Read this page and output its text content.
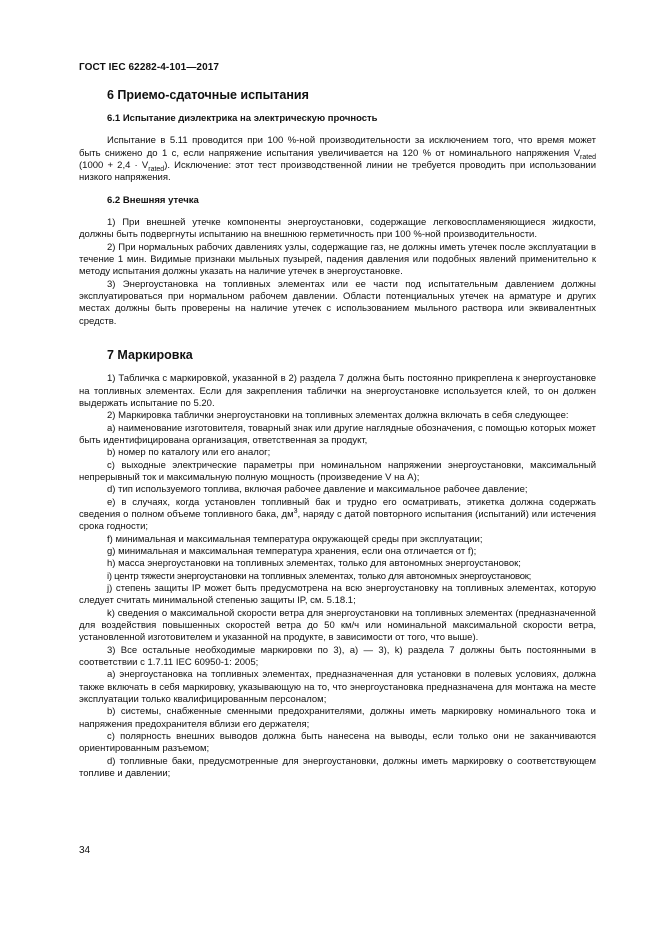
ГОСТ IEC 62282-4-101—2017
6 Приемо-сдаточные испытания
6.1 Испытание диэлектрика на электрическую прочность

Испытание в 5.11 проводится при 100 %-ной производительности за исключением того, что время может быть снижено до 1 с, если напряжение испытания увеличивается на 120 % от номинального напряжения $V_{rated}$ $(1000 + 2,4 \cdot V_{rated})$. Исключение: этот тест производственной линии не требуется проводить при использовании низкого напряжения.

6.2 Внешняя утечка

1) При внешней утечке компоненты энергоустановки, содержащие легковоспламеняющиеся жидкости, должны быть подвергнуты испытанию на внешнюю герметичность при 100 %-ной производительности.

2) При нормальных рабочих давлениях узлы, содержащие газ, не должны иметь утечек после эксплуатации в течение 1 мин. Видимые признаки мыльных пузырей, падения давления или подобных явлений применительно к методу испытания должны указать на наличие утечек в энергоустановке.

3) Энергоустановка на топливных элементах или ее части под испытательным давлением должны эксплуатироваться при нормальном рабочем давлении. Области потенциальных утечек на арматуре и других местах должны быть проверены на наличие утечек с использованием мыльного раствора или эквивалентных средств.

7 Маркировка

1) Табличка с маркировкой, указанной в 2) раздела 7 должна быть постоянно прикреплена к энергоустановке на топливных элементах. Если для закрепления таблички на энергоустановке используется клей, то он должен выдержать испытание по 5.20.

2) Маркировка таблички энергоустановки на топливных элементах должна включать в себя следующее:

a) наименование изготовителя, товарный знак или другие наглядные обозначения, с помощью которых может быть идентифицирована организация, ответственная за продукт,

b) номер по каталогу или его аналог;

c) выходные электрические параметры при номинальном напряжении энергоустановки, максимальный непрерывный ток и максимальную полную мощность (произведение V на A);

d) тип используемого топлива, включая рабочее давление и максимальное рабочее давление;

e) в случаях, когда установлен топливный бак и трудно его осматривать, этикетка должна содержать сведения о полном объеме топливного бака, $дм^3$, наряду с датой повторного испытания (испытаний) или истечения срока годности;

f) минимальная и максимальная температура окружающей среды при эксплуатации;

g) минимальная и максимальная температура хранения, если она отличается от f);

h) масса энергоустановки на топливных элементах, только для автономных энергоустановок;

i) центр тяжести энергоустановки на топливных элементах, только для автономных энергоустановок;

j) степень защиты IP может быть предусмотрена на всю энергоустановку на топливных элементах, которую следует считать минимальной степенью защиты IP, см. 5.18.1;

k) сведения о максимальной скорости ветра для энергоустановки на топливных элементах (предназначенной для воздействия повышенных скоростей ветра до 50 км/ч или номинальной максимальной скорости ветра, установленной изготовителем и указанной на продукте, в зависимости от того, что выше).

3) Все остальные необходимые маркировки по 3), a) — 3), k) раздела 7 должны быть постоянными в соответствии с 1.7.11 IEC 60950-1: 2005;

a) энергоустановка на топливных элементах, предназначенная для установки в полевых условиях, должна также включать в себя маркировку, указывающую на то, что энергоустановка предназначена для монтажа на месте эксплуатации только квалифицированным персоналом;

b) системы, снабженные сменными предохранителями, должны иметь маркировку номинального тока и напряжения предохранителя вблизи его держателя;

c) полярность внешних выводов должна быть нанесена на выводы, если только они не заканчиваются ориентированным разъемом;

d) топливные баки, предусмотренные для энергоустановки, должны иметь маркировку о соответствующем топливе и давлении;

34
